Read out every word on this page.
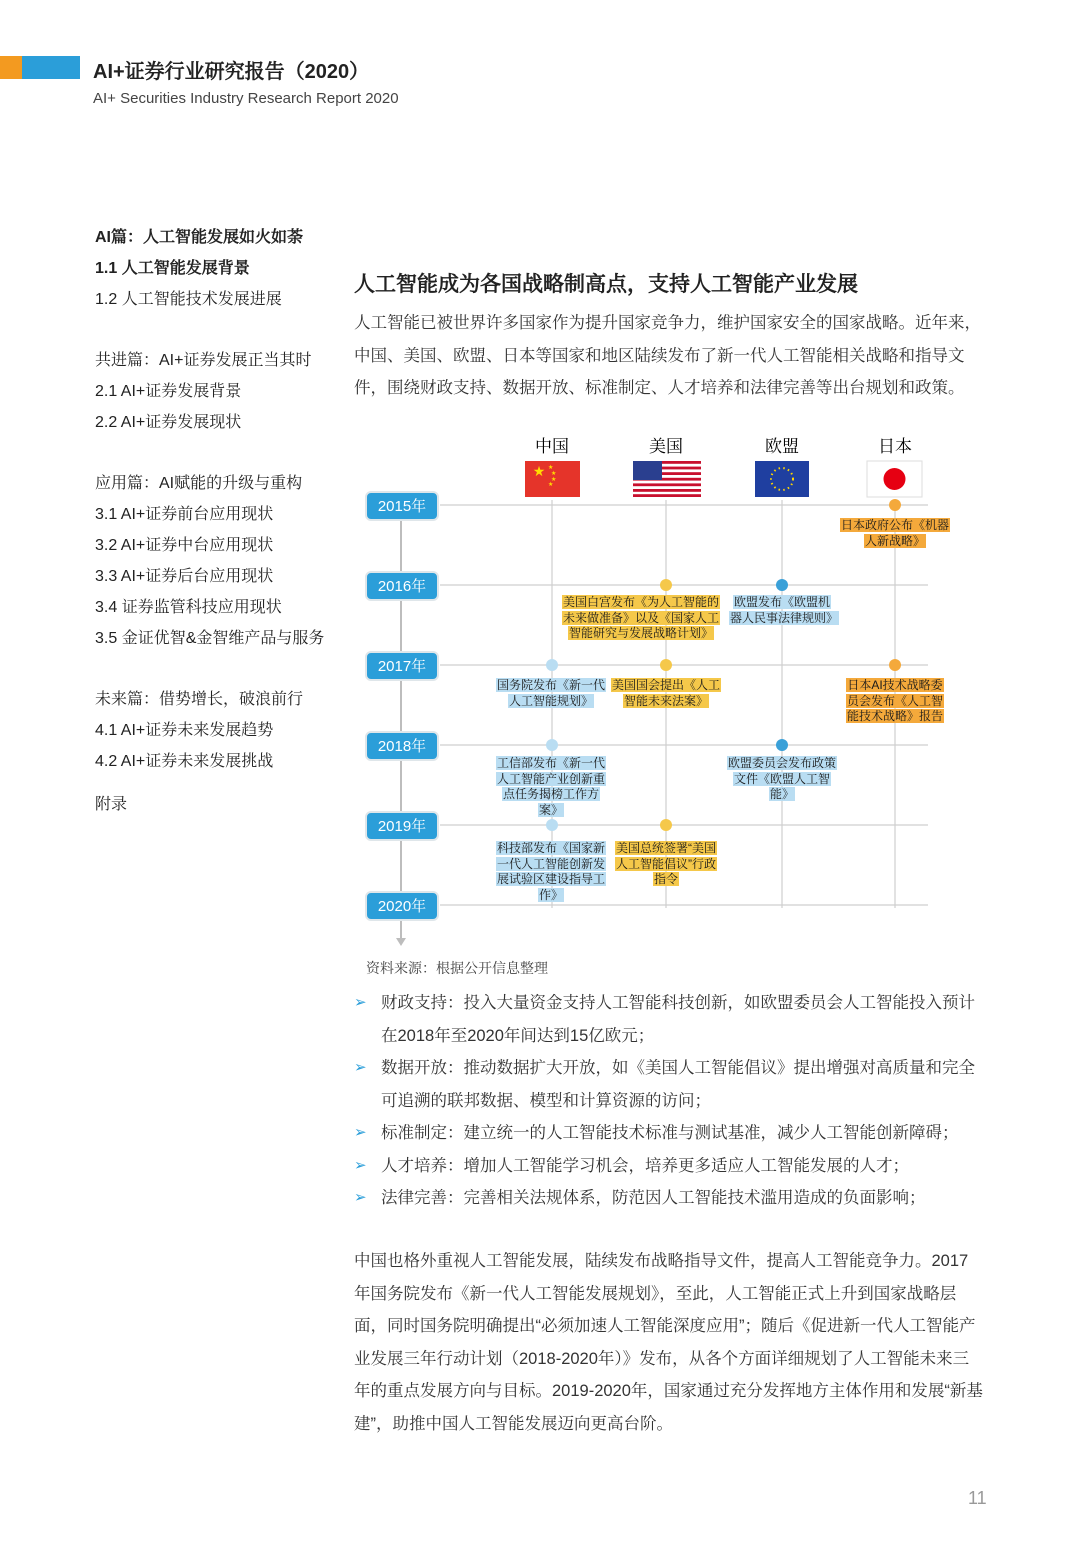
AI+证券行业研究报告（2020）
AI+ Securities Industry Research Report 2020
AI篇：人工智能发展如火如荼
1.1 人工智能发展背景
1.2 人工智能技术发展进展
共进篇：AI+证券发展正当其时
2.1 AI+证券发展背景
2.2 AI+证券发展现状
应用篇：AI赋能的升级与重构
3.1 AI+证券前台应用现状
3.2 AI+证券中台应用现状
3.3 AI+证券后台应用现状
3.4 证券监管科技应用现状
3.5 金证优智&金智维产品与服务
未来篇：借势增长，破浪前行
4.1 AI+证券未来发展趋势
4.2 AI+证券未来发展挑战
附录
人工智能成为各国战略制高点，支持人工智能产业发展
人工智能已被世界许多国家作为提升国家竞争力，维护国家安全的国家战略。近年来，中国、美国、欧盟、日本等国家和地区陆续发布了新一代人工智能相关战略和指导文件，围绕财政支持、数据开放、标准制定、人才培养和法律完善等出台规划和政策。
中国	美国	欧盟	日本
★ ★
★
★
★
2015年
2016年
2017年
2018年
2019年
2020年
日本政府公布《机器人新战略》
美国白宫发布《为人工智能的未来做准备》以及《国家人工智能研究与发展战略计划》
欧盟发布《欧盟机器人民事法律规则》
国务院发布《新一代人工智能规划》
美国国会提出《人工智能未来法案》
日本AI技术战略委员会发布《人工智能技术战略》报告
工信部发布《新一代人工智能产业创新重点任务揭榜工作方案》
欧盟委员会发布政策文件《欧盟人工智能》
科技部发布《国家新一代人工智能创新发展试验区建设指导工作》
美国总统签署“美国人工智能倡议”行政指令
资料来源：根据公开信息整理
➢ 财政支持：投入大量资金支持人工智能科技创新，如欧盟委员会人工智能投入预计在2018年至2020年间达到15亿欧元；
➢ 数据开放：推动数据扩大开放，如《美国人工智能倡议》提出增强对高质量和完全可追溯的联邦数据、模型和计算资源的访问；
➢ 标准制定：建立统一的人工智能技术标准与测试基准，减少人工智能创新障碍；
➢ 人才培养：增加人工智能学习机会，培养更多适应人工智能发展的人才；
➢ 法律完善：完善相关法规体系，防范因人工智能技术滥用造成的负面影响；
中国也格外重视人工智能发展，陆续发布战略指导文件，提高人工智能竞争力。2017年国务院发布《新一代人工智能发展规划》，至此，人工智能正式上升到国家战略层面，同时国务院明确提出“必须加速人工智能深度应用”；随后《促进新一代人工智能产业发展三年行动计划（2018-2020年）》发布，从各个方面详细规划了人工智能未来三年的重点发展方向与目标。2019-2020年，国家通过充分发挥地方主体作用和发展“新基建”，助推中国人工智能发展迈向更高台阶。
11
